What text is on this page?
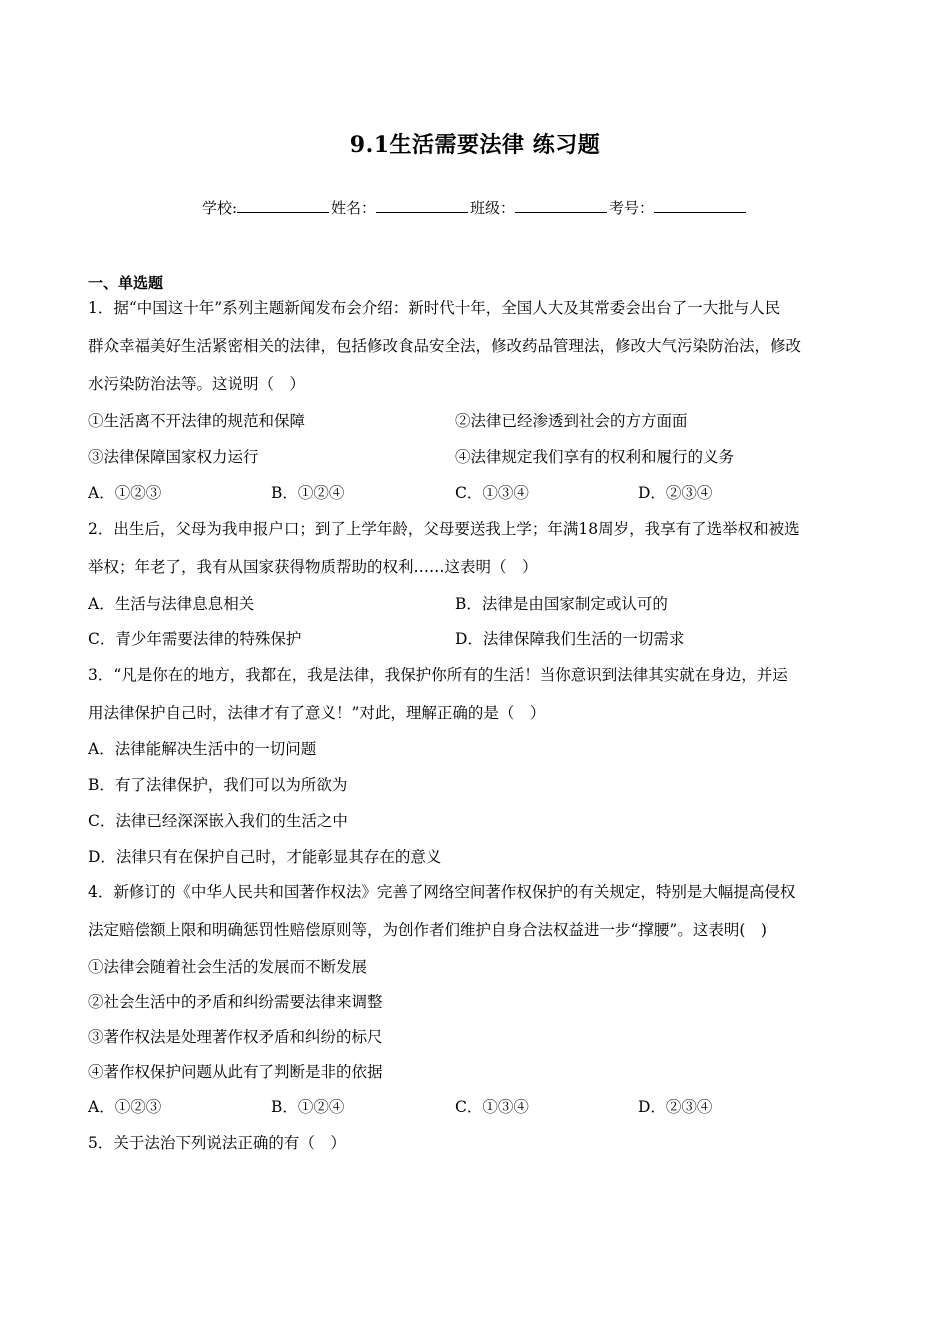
9.1生活需要法律 练习题
学校:	姓名：	班级：	考号：
一、单选题
1．据“中国这十年”系列主题新闻发布会介绍：新时代十年，全国人大及其常委会出台了一大批与人民
群众幸福美好生活紧密相关的法律，包括修改食品安全法，修改药品管理法，修改大气污染防治法，修改
水污染防治法等。这说明（　）
①生活离不开法律的规范和保障	②法律已经渗透到社会的方方面面
③法律保障国家权力运行	④法律规定我们享有的权利和履行的义务
A．①②③	B．①②④	C．①③④	D．②③④
2．出生后，父母为我申报户口；到了上学年龄，父母要送我上学；年满18周岁，我享有了选举权和被选
举权；年老了，我有从国家获得物质帮助的权利……这表明（　）
A．生活与法律息息相关	B．法律是由国家制定或认可的
C．青少年需要法律的特殊保护	D．法律保障我们生活的一切需求
3．“凡是你在的地方，我都在，我是法律，我保护你所有的生活！当你意识到法律其实就在身边，并运
用法律保护自己时，法律才有了意义！”对此，理解正确的是（　）
A．法律能解决生活中的一切问题
B．有了法律保护，我们可以为所欲为
C．法律已经深深嵌入我们的生活之中
D．法律只有在保护自己时，才能彰显其存在的意义
4．新修订的《中华人民共和国著作权法》完善了网络空间著作权保护的有关规定，特别是大幅提高侵权
法定赔偿额上限和明确惩罚性赔偿原则等，为创作者们维护自身合法权益进一步“撑腰”。这表明(　)
①法律会随着社会生活的发展而不断发展
②社会生活中的矛盾和纠纷需要法律来调整
③著作权法是处理著作权矛盾和纠纷的标尺
④著作权保护问题从此有了判断是非的依据
A．①②③	B．①②④	C．①③④	D．②③④
5．关于法治下列说法正确的有（　）
